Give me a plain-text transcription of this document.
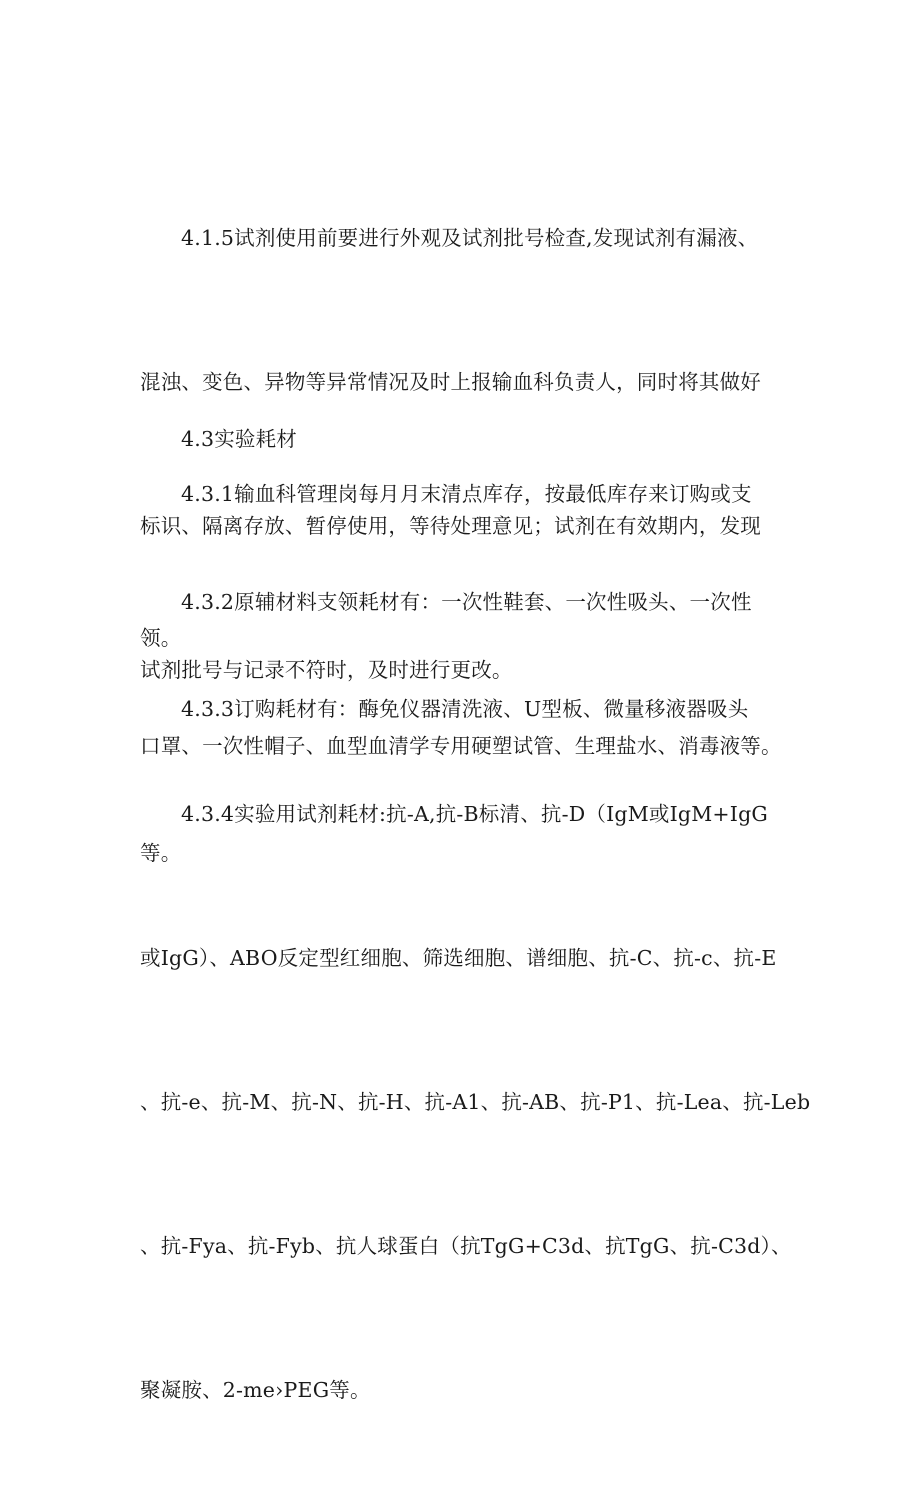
4.1.5试剂使用前要进行外观及试剂批号检查,发现试剂有漏液、

混浊、变色、异物等异常情况及时上报输血科负责人，同时将其做好

标识、隔离存放、暂停使用，等待处理意见；试剂在有效期内，发现

试剂批号与记录不符时，及时进行更改。

4.3实验耗材

4.3.1输血科管理岗每月月末清点库存，按最低库存来订购或支

领。

4.3.2原辅材料支领耗材有：一次性鞋套、一次性吸头、一次性

口罩、一次性帽子、血型血清学专用硬塑试管、生理盐水、消毒液等。

4.3.3订购耗材有：酶免仪器清洗液、U型板、微量移液器吸头

等。

4.3.4实验用试剂耗材:抗-A,抗-B标清、抗-D（IgM或IgM+IgG

或IgG）、ABO反定型红细胞、筛选细胞、谱细胞、抗-C、抗-c、抗-E

、抗-e、抗-M、抗-N、抗-H、抗-A1、抗-AB、抗-P1、抗-Lea、抗-Leb

、抗-Fya、抗-Fyb、抗人球蛋白（抗TgG+C3d、抗TgG、抗-C3d）、

聚凝胺、2-me›PEG等。
